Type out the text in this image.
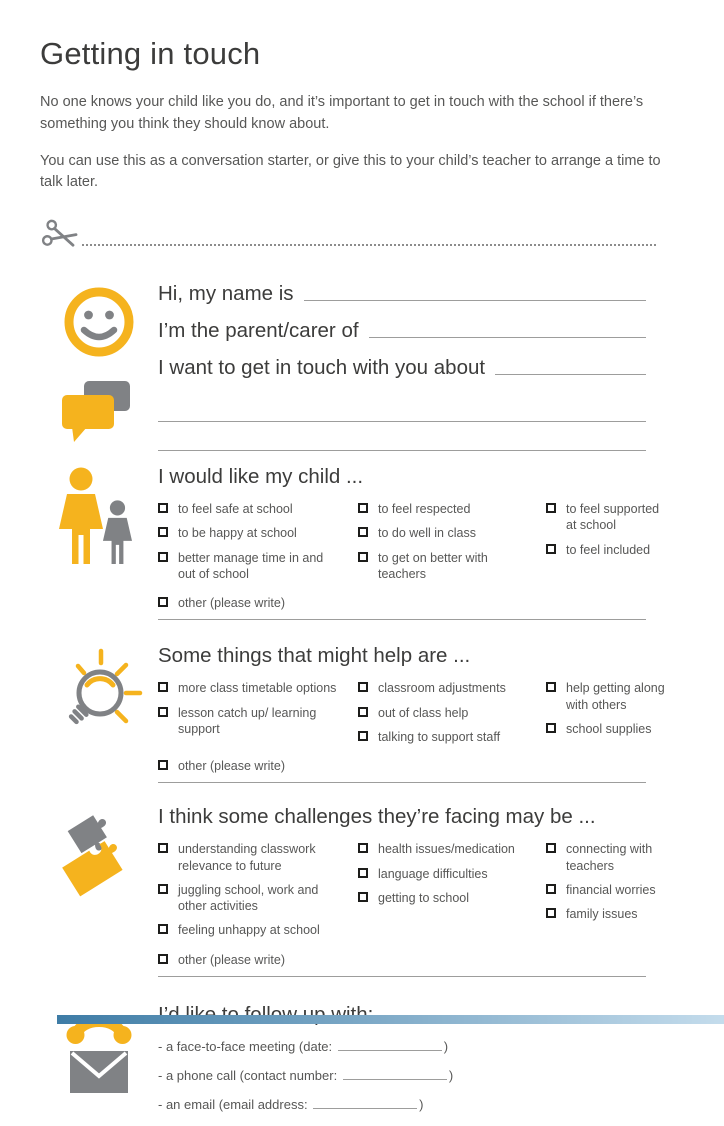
Getting in touch

No one knows your child like you do, and it’s important to get in touch with the school if there’s something you think they should know about.

You can use this as a conversation starter, or give this to your child’s teacher to arrange a time to talk later.

Hi, my name is
I’m the parent/carer of
I want to get in touch with you about
I would like my child ...
to feel safe at school
to be happy at school
better manage time in and out of school
to feel respected
to do well in class
to get on better with teachers
to feel supported at school
to feel included
other (please write)
Some things that might help are ...
more class timetable options
lesson catch up/ learning support
classroom adjustments
out of class help
talking to support staff
help getting along with others
school supplies
other (please write)
I think some challenges they’re facing may be ...
understanding classwork relevance to future
juggling school, work and other activities
feeling unhappy at school
health issues/medication
language difficulties
getting to school
connecting with teachers
financial worries
family issues
other (please write)
- a face-to-face meeting (date:	)
- a phone call (contact number:	)
- an email (email address:	)
